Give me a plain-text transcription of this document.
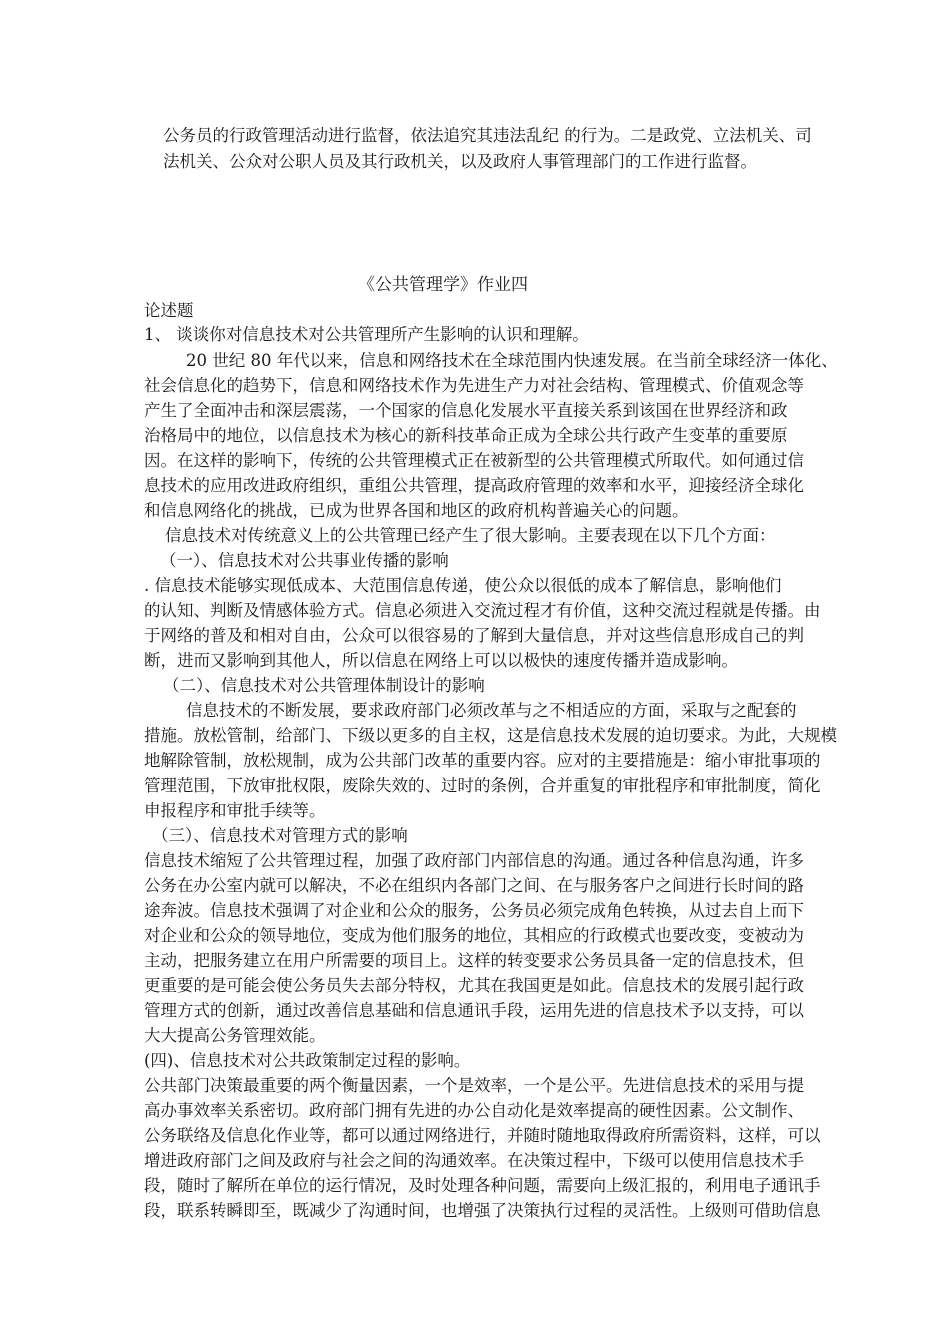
公务员的行政管理活动进行监督，依法追究其违法乱纪 的行为。二是政党、立法机关、司

法机关、公众对公职人员及其行政机关，以及政府人事管理部门的工作进行监督。

《公共管理学》作业四

论述题

1、 谈谈你对信息技术对公共管理所产生影响的认识和理解。

20 世纪 80 年代以来，信息和网络技术在全球范围内快速发展。在当前全球经济一体化、

社会信息化的趋势下，信息和网络技术作为先进生产力对社会结构、管理模式、价值观念等

产生了全面冲击和深层震荡，一个国家的信息化发展水平直接关系到该国在世界经济和政

治格局中的地位，以信息技术为核心的新科技革命正成为全球公共行政产生变革的重要原

因。在这样的影响下，传统的公共管理模式正在被新型的公共管理模式所取代。如何通过信

息技术的应用改进政府组织，重组公共管理，提高政府管理的效率和水平，迎接经济全球化

和信息网络化的挑战，已成为世界各国和地区的政府机构普遍关心的问题。

信息技术对传统意义上的公共管理已经产生了很大影响。主要表现在以下几个方面：

（一）、信息技术对公共事业传播的影响

. 信息技术能够实现低成本、大范围信息传递，使公众以很低的成本了解信息，影响他们

的认知、判断及情感体验方式。信息必须进入交流过程才有价值，这种交流过程就是传播。由

于网络的普及和相对自由，公众可以很容易的了解到大量信息，并对这些信息形成自己的判

断，进而又影响到其他人，所以信息在网络上可以以极快的速度传播并造成影响。

（二）、信息技术对公共管理体制设计的影响

信息技术的不断发展，要求政府部门必须改革与之不相适应的方面，采取与之配套的

措施。放松管制，给部门、下级以更多的自主权，这是信息技术发展的迫切要求。为此，大规模

地解除管制，放松规制，成为公共部门改革的重要内容。应对的主要措施是：缩小审批事项的

管理范围，下放审批权限，废除失效的、过时的条例，合并重复的审批程序和审批制度，简化

申报程序和审批手续等。

（三）、信息技术对管理方式的影响

信息技术缩短了公共管理过程，加强了政府部门内部信息的沟通。通过各种信息沟通，许多

公务在办公室内就可以解决，不必在组织内各部门之间、在与服务客户之间进行长时间的路

途奔波。信息技术强调了对企业和公众的服务，公务员必须完成角色转换，从过去自上而下

对企业和公众的领导地位，变成为他们服务的地位，其相应的行政模式也要改变，变被动为

主动，把服务建立在用户所需要的项目上。这样的转变要求公务员具备一定的信息技术，但

更重要的是可能会使公务员失去部分特权，尤其在我国更是如此。信息技术的发展引起行政

管理方式的创新，通过改善信息基础和信息通讯手段，运用先进的信息技术予以支持，可以

大大提高公务管理效能。

(四)、信息技术对公共政策制定过程的影响。

公共部门决策最重要的两个衡量因素，一个是效率，一个是公平。先进信息技术的采用与提

高办事效率关系密切。政府部门拥有先进的办公自动化是效率提高的硬性因素。公文制作、

公务联络及信息化作业等，都可以通过网络进行，并随时随地取得政府所需资料，这样，可以

增进政府部门之间及政府与社会之间的沟通效率。在决策过程中，下级可以使用信息技术手

段，随时了解所在单位的运行情况，及时处理各种问题，需要向上级汇报的，利用电子通讯手

段，联系转瞬即至，既减少了沟通时间，也增强了决策执行过程的灵活性。上级则可借助信息
